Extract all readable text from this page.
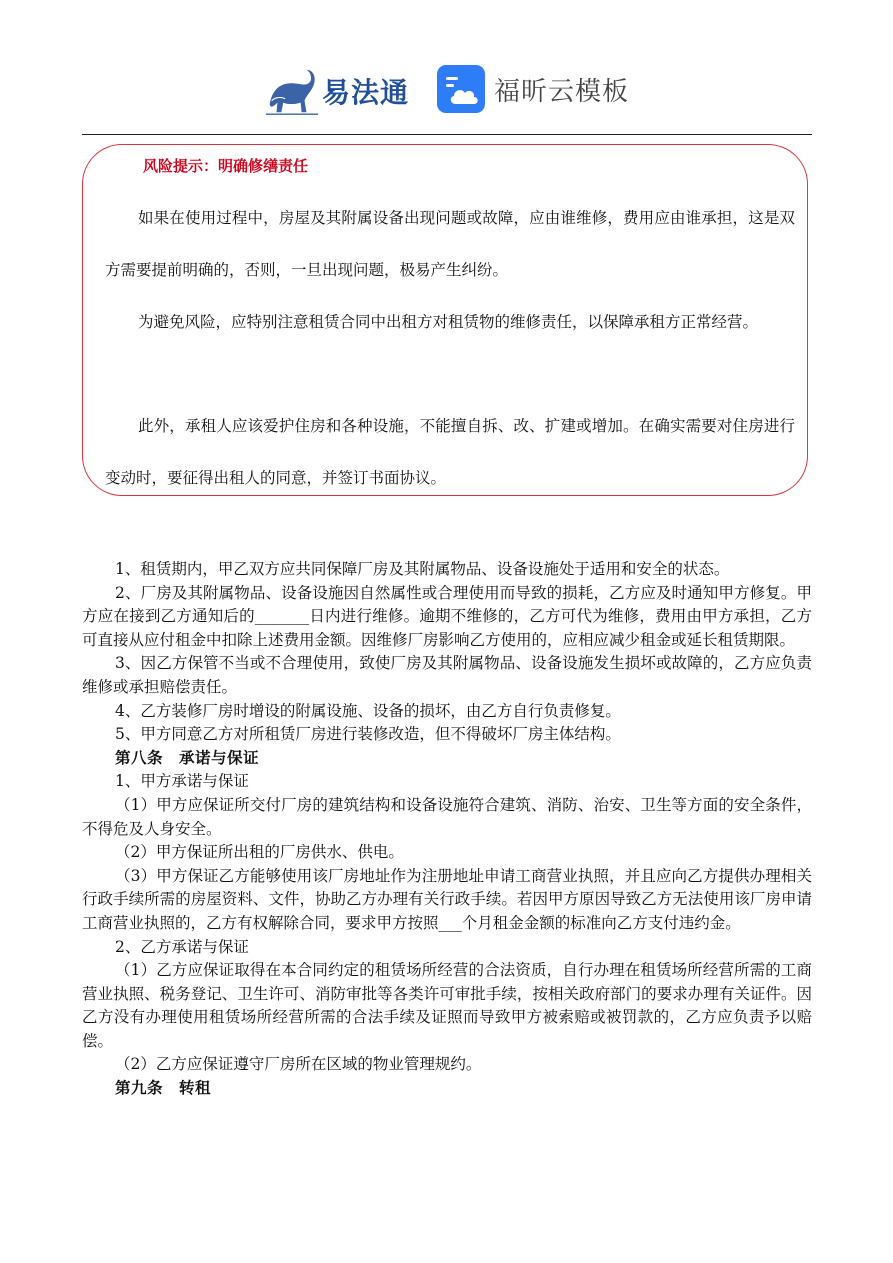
易法通	福昕云模板
风险提示：明确修缮责任

如果在使用过程中，房屋及其附属设备出现问题或故障，应由谁维修，费用应由谁承担，这是双方需要提前明确的，否则，一旦出现问题，极易产生纠纷。

为避免风险，应特别注意租赁合同中出租方对租赁物的维修责任，以保障承租方正常经营。

此外，承租人应该爱护住房和各种设施，不能擅自拆、改、扩建或增加。在确实需要对住房进行变动时，要征得出租人的同意，并签订书面协议。

1、租赁期内，甲乙双方应共同保障厂房及其附属物品、设备设施处于适用和安全的状态。

2、厂房及其附属物品、设备设施因自然属性或合理使用而导致的损耗，乙方应及时通知甲方修复。甲方应在接到乙方通知后的_______日内进行维修。逾期不维修的，乙方可代为维修，费用由甲方承担，乙方可直接从应付租金中扣除上述费用金额。因维修厂房影响乙方使用的，应相应减少租金或延长租赁期限。

3、因乙方保管不当或不合理使用，致使厂房及其附属物品、设备设施发生损坏或故障的，乙方应负责维修或承担赔偿责任。

4、乙方装修厂房时增设的附属设施、设备的损坏，由乙方自行负责修复。

5、甲方同意乙方对所租赁厂房进行装修改造，但不得破坏厂房主体结构。

第八条　承诺与保证

1、甲方承诺与保证

（1）甲方应保证所交付厂房的建筑结构和设备设施符合建筑、消防、治安、卫生等方面的安全条件，不得危及人身安全。

（2）甲方保证所出租的厂房供水、供电。

（3）甲方保证乙方能够使用该厂房地址作为注册地址申请工商营业执照，并且应向乙方提供办理相关行政手续所需的房屋资料、文件，协助乙方办理有关行政手续。若因甲方原因导致乙方无法使用该厂房申请工商营业执照的，乙方有权解除合同，要求甲方按照___个月租金金额的标准向乙方支付违约金。

2、乙方承诺与保证

（1）乙方应保证取得在本合同约定的租赁场所经营的合法资质，自行办理在租赁场所经营所需的工商营业执照、税务登记、卫生许可、消防审批等各类许可审批手续，按相关政府部门的要求办理有关证件。因乙方没有办理使用租赁场所经营所需的合法手续及证照而导致甲方被索赔或被罚款的，乙方应负责予以赔偿。

（2）乙方应保证遵守厂房所在区域的物业管理规约。

第九条　转租
